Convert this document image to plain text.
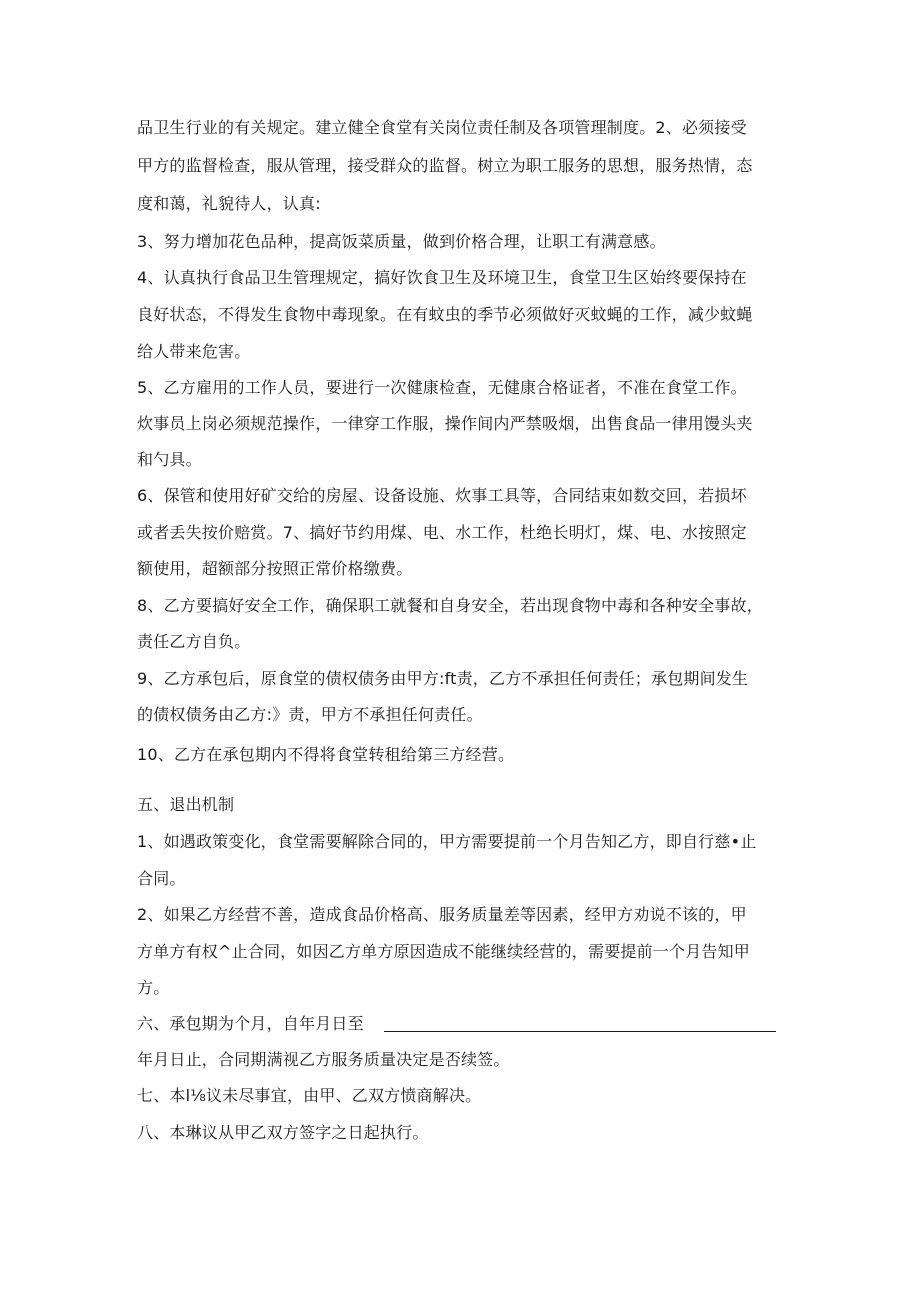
品卫生行业的有关规定。建立健全食堂有关岗位责任制及各项管理制度。2、必须接受
甲方的监督检查，服从管理，接受群众的监督。树立为职工服务的思想，服务热情，态
度和蔼，礼貌待人，认真:
3、努力增加花色品种，提高饭菜质量，做到价格合理，让职工有满意感。
4、认真执行食品卫生管理规定，搞好饮食卫生及环境卫生，食堂卫生区始终要保持在
良好状态，不得发生食物中毒现象。在有蚊虫的季节必须做好灭蚊蝇的工作，减少蚊蝇
给人带来危害。
5、乙方雇用的工作人员，要进行一次健康检查，无健康合格证者，不准在食堂工作。
炊事员上岗必须规范操作，一律穿工作服，操作间内严禁吸烟，出售食品一律用馒头夹
和勺具。
6、保管和使用好矿交给的房屋、设备设施、炊事工具等，合同结束如数交回，若损坏
或者丢失按价赔赏。7、搞好节约用煤、电、水工作，杜绝长明灯，煤、电、水按照定
额使用，超额部分按照正常价格缴费。
8、乙方要搞好安全工作，确保职工就餐和自身安全，若出现食物中毒和各种安全事故，
责任乙方自负。
9、乙方承包后，原食堂的债权债务由甲方:ft责，乙方不承担任何责任；承包期间发生
的债权债务由乙方:》责，甲方不承担任何责任。
10、乙方在承包期内不得将食堂转租给第三方经营。
五、退出机制
1、如遇政策变化，食堂需要解除合同的，甲方需要提前一个月告知乙方，即自行慈•止
合同。
2、如果乙方经营不善，造成食品价格高、服务质量差等因素，经甲方劝说不该的，甲
方单方有权^止合同，如因乙方单方原因造成不能继续经营的，需要提前一个月告知甲
方。
六、承包期为个月，自年月日至
年月日止，合同期满视乙方服务质量决定是否续签。
七、本l⅛议未尽事宜，由甲、乙双方愤商解决。
八、本琳议从甲乙双方签字之日起执行。
